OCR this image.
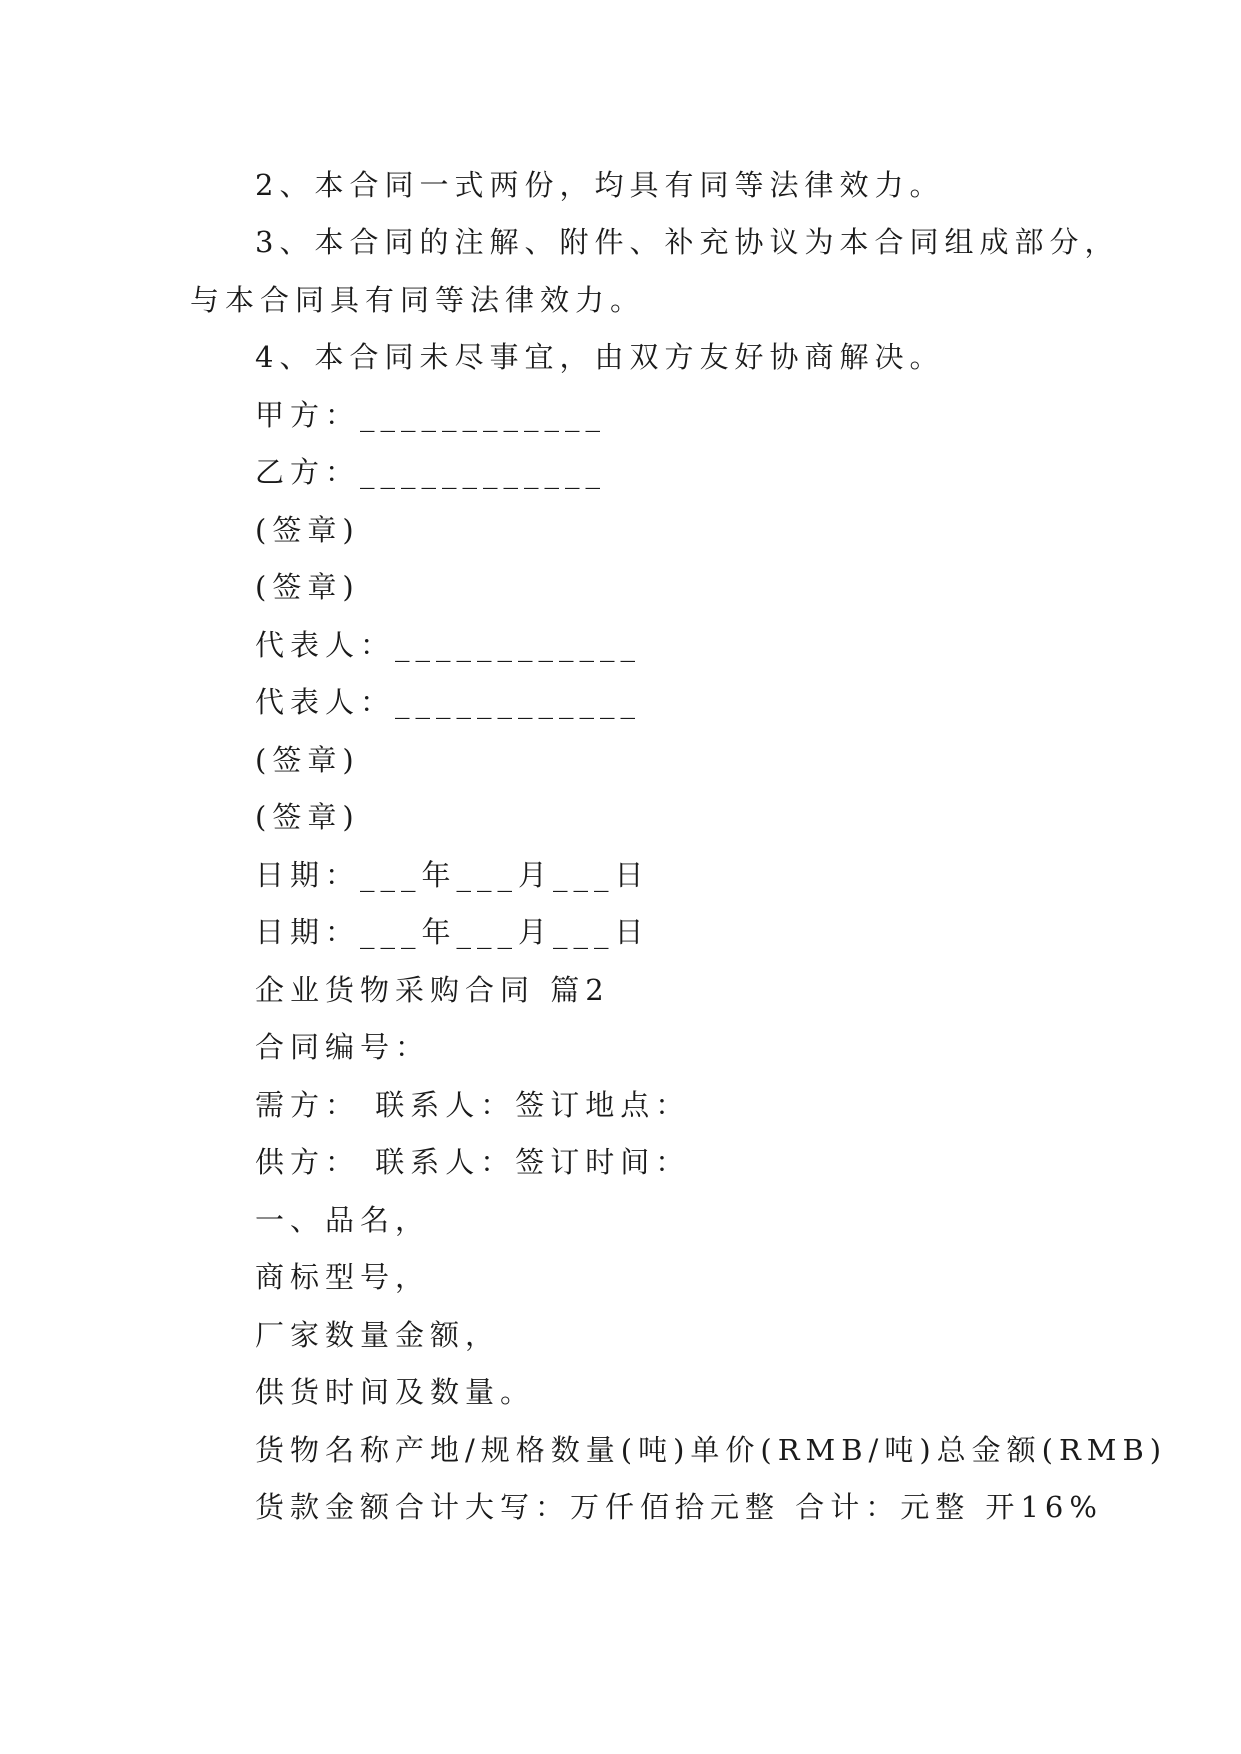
2、本合同一式两份，均具有同等法律效力。
3、本合同的注解、附件、补充协议为本合同组成部分，
与本合同具有同等法律效力。
4、本合同未尽事宜，由双方友好协商解决。
甲方：____________
乙方：____________
(签章)
(签章)
代表人：____________
代表人：____________
(签章)
(签章)
日期：___年___月___日
日期：___年___月___日
企业货物采购合同 篇2
合同编号：
需方： 联系人：签订地点：
供方： 联系人：签订时间：
一、品名，
商标型号，
厂家数量金额，
供货时间及数量。
货物名称产地/规格数量(吨)单价(RMB/吨)总金额(RMB)
货款金额合计大写：万仟佰拾元整 合计：元整 开16%
